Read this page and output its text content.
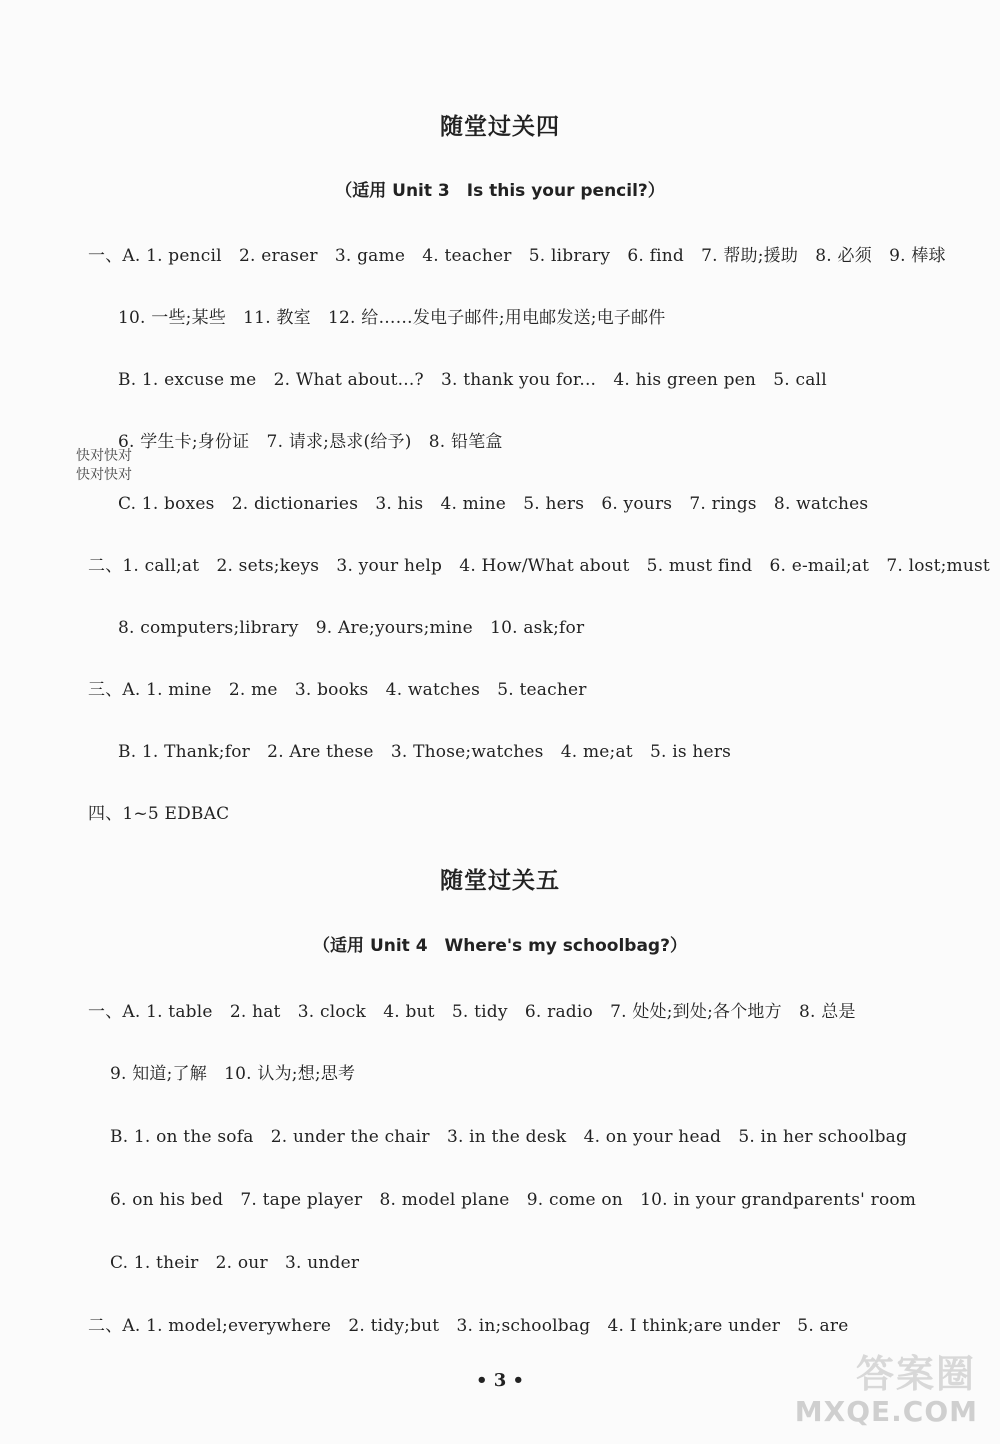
随堂过关四
（适用 Unit 3　Is this your pencil?）
一、A. 1. pencil　2. eraser　3. game　4. teacher　5. library　6. find　7. 帮助;援助　8. 必须　9. 棒球
10. 一些;某些　11. 教室　12. 给……发电子邮件;用电邮发送;电子邮件
B. 1. excuse me　2. What about...?　3. thank you for...　4. his green pen　5. call
6. 学生卡;身份证　7. 请求;恳求(给予)　8. 铅笔盒
快对快对
快对快对
C. 1. boxes　2. dictionaries　3. his　4. mine　5. hers　6. yours　7. rings　8. watches
二、1. call;at　2. sets;keys　3. your help　4. How/What about　5. must find　6. e-mail;at　7. lost;must
8. computers;library　9. Are;yours;mine　10. ask;for
三、A. 1. mine　2. me　3. books　4. watches　5. teacher
B. 1. Thank;for　2. Are these　3. Those;watches　4. me;at　5. is hers
四、1~5 EDBAC
随堂过关五
（适用 Unit 4　Where's my schoolbag?）
一、A. 1. table　2. hat　3. clock　4. but　5. tidy　6. radio　7. 处处;到处;各个地方　8. 总是
9. 知道;了解　10. 认为;想;思考
B. 1. on the sofa　2. under the chair　3. in the desk　4. on your head　5. in her schoolbag
6. on his bed　7. tape player　8. model plane　9. come on　10. in your grandparents' room
C. 1. their　2. our　3. under
二、A. 1. model;everywhere　2. tidy;but　3. in;schoolbag　4. I think;are under　5. are
• 3 •	答案圈
MXQE.COM
